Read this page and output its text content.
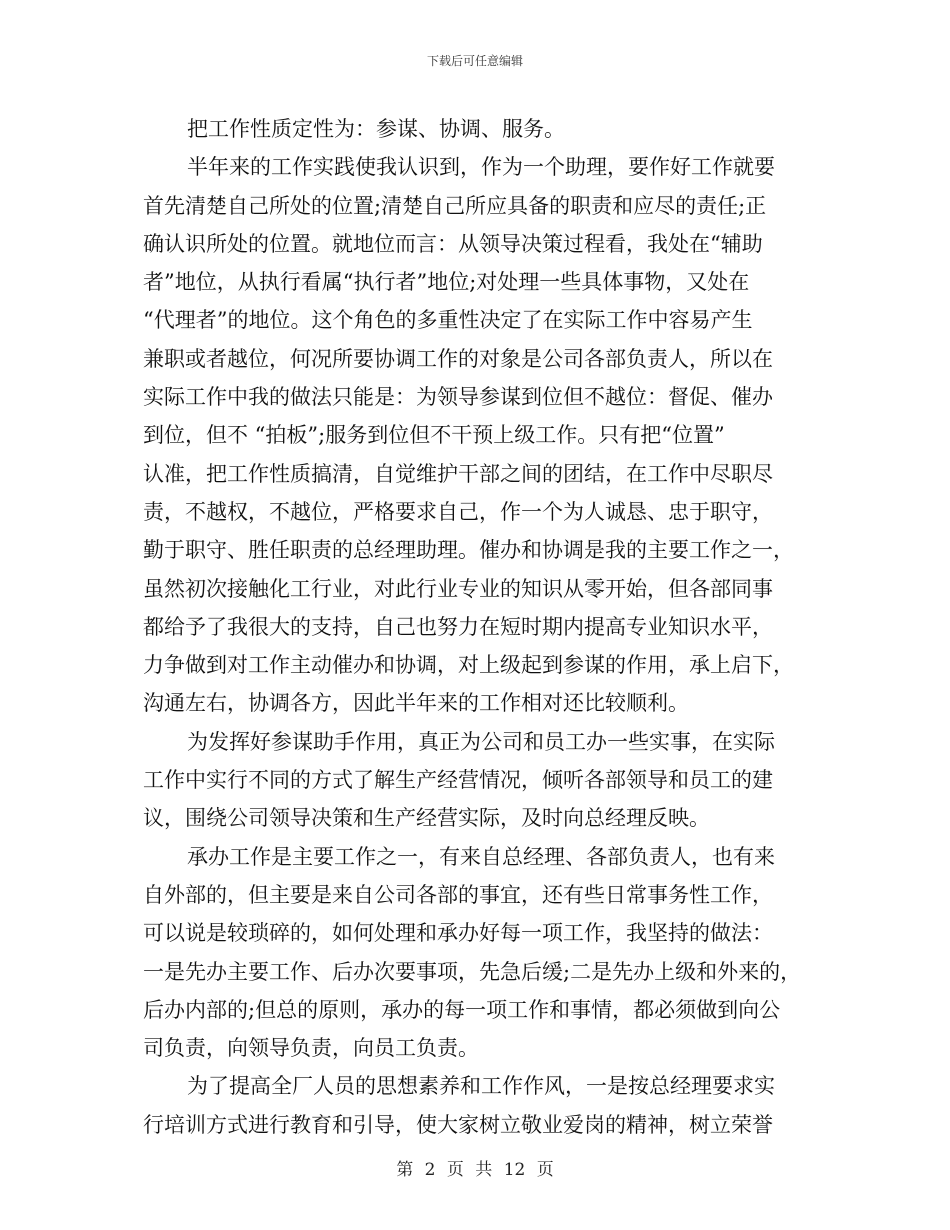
下载后可任意编辑
把工作性质定性为：参谋、协调、服务。
半年来的工作实践使我认识到，作为一个助理，要作好工作就要
首先清楚自己所处的位置;清楚自己所应具备的职责和应尽的责任;正
确认识所处的位置。就地位而言：从领导决策过程看，我处在“辅助
者”地位，从执行看属“执行者”地位;对处理一些具体事物，又处在
“代理者”的地位。这个角色的多重性决定了在实际工作中容易产生
兼职或者越位，何况所要协调工作的对象是公司各部负责人，所以在
实际工作中我的做法只能是：为领导参谋到位但不越位：督促、催办
到位，但不 “拍板”;服务到位但不干预上级工作。只有把“位置”
认准，把工作性质搞清，自觉维护干部之间的团结，在工作中尽职尽
责，不越权，不越位，严格要求自己，作一个为人诚恳、忠于职守，
勤于职守、胜任职责的总经理助理。催办和协调是我的主要工作之一，
虽然初次接触化工行业，对此行业专业的知识从零开始，但各部同事
都给予了我很大的支持，自己也努力在短时期内提高专业知识水平，
力争做到对工作主动催办和协调，对上级起到参谋的作用，承上启下，
沟通左右，协调各方，因此半年来的工作相对还比较顺利。
为发挥好参谋助手作用，真正为公司和员工办一些实事，在实际
工作中实行不同的方式了解生产经营情况，倾听各部领导和员工的建
议，围绕公司领导决策和生产经营实际，及时向总经理反映。
承办工作是主要工作之一，有来自总经理、各部负责人，也有来
自外部的，但主要是来自公司各部的事宜，还有些日常事务性工作，
可以说是较琐碎的，如何处理和承办好每一项工作，我坚持的做法：
一是先办主要工作、后办次要事项，先急后缓;二是先办上级和外来的，
后办内部的;但总的原则，承办的每一项工作和事情，都必须做到向公
司负责，向领导负责，向员工负责。
为了提高全厂人员的思想素养和工作作风，一是按总经理要求实
行培训方式进行教育和引导，使大家树立敬业爱岗的精神，树立荣誉
第 2 页 共 12 页
